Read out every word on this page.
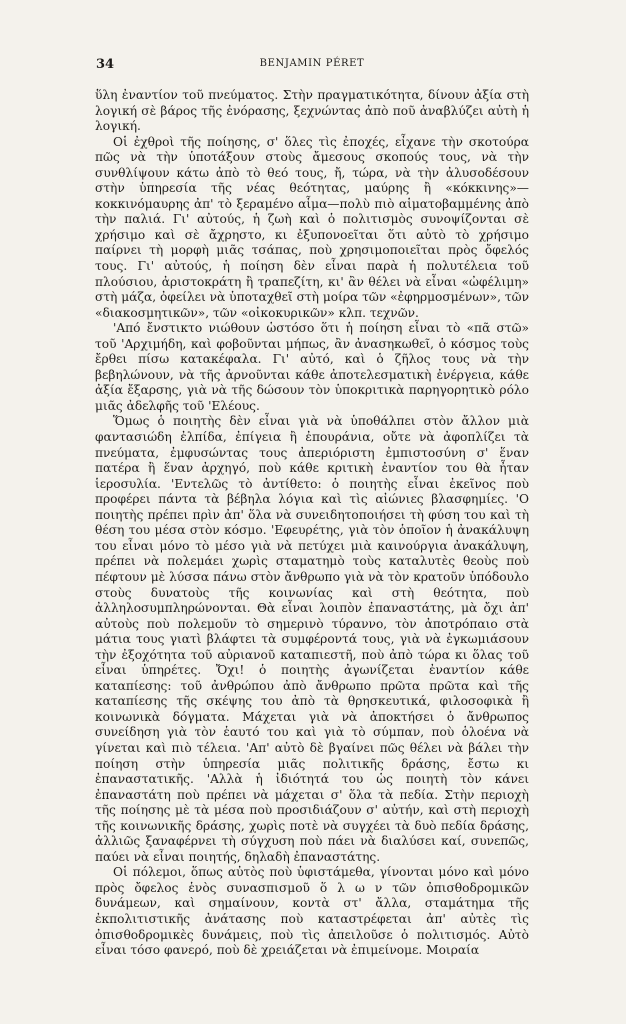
34	BENJAMIN PÉRET

ὕλη ἐναντίον τοῦ πνεύματος. Στὴν πραγματικότητα, δίνουν ἀξία στὴ λογική σὲ βάρος τῆς ἐνόρασης, ξεχνώντας ἀπὸ ποῦ ἀναβλύζει αὐτὴ ἡ λογική.

Οἱ ἐχθροὶ τῆς ποίησης, σ' ὅλες τὶς ἐποχές, εἶχανε τὴν σκοτούρα πῶς νὰ τὴν ὑποτάξουν στοὺς ἄμεσους σκοπούς τους, νὰ τὴν συνθλίψουν κάτω ἀπὸ τὸ θεό τους, ἤ, τώρα, νὰ τὴν ἀλυσοδέσουν στὴν ὑπηρεσία τῆς νέας θεότητας, μαύρης ἢ «κόκκινης»—κοκκινόμαυρης ἀπ' τὸ ξεραμένο αἷμα—πολὺ πιὸ αἱματοβαμμένης ἀπὸ τὴν παλιά. Γι' αὐτούς, ἡ ζωὴ καὶ ὁ πολιτισμὸς συνοψίζονται σὲ χρήσιμο καὶ σὲ ἄχρηστο, κι ἐξυπονοεῖται ὅτι αὐτὸ τὸ χρήσιμο παίρνει τὴ μορφὴ μιᾶς τσάπας, ποὺ χρησιμοποιεῖται πρὸς ὄφελός τους. Γι' αὐτούς, ἡ ποίηση δὲν εἶναι παρὰ ἡ πολυτέλεια τοῦ πλούσιου, ἀριστοκράτη ἢ τραπεζίτη, κι' ἂν θέλει νὰ εἶναι «ὠφέλιμη» στὴ μάζα, ὀφείλει νὰ ὑποταχθεῖ στὴ μοίρα τῶν «ἐφηρμοσμένων», τῶν «διακοσμητικῶν», τῶν «οἰκοκυρικῶν» κλπ. τεχνῶν.

'Από ἔνστικτο νιώθουν ὡστόσο ὅτι ἡ ποίηση εἶναι τὸ «πᾶ στῶ» τοῦ 'Αρχιμήδη, καὶ φοβοῦνται μήπως, ἂν ἀνασηκωθεῖ, ὁ κόσμος τοὺς ἔρθει πίσω κατακέφαλα. Γι' αὐτό, καὶ ὁ ζῆλος τους νὰ τὴν βεβηλώνουν, νὰ τῆς ἀρνοῦνται κάθε ἀποτελεσματικὴ ἐνέργεια, κάθε ἀξία ἔξαρσης, γιὰ νὰ τῆς δώσουν τὸν ὑποκριτικὰ παρηγορητικὸ ρόλο μιᾶς ἀδελφῆς τοῦ 'Ελέους.

Ὅμως ὁ ποιητὴς δὲν εἶναι γιὰ νὰ ὑποθάλπει στὸν ἄλλον μιὰ φαντασιώδη ἐλπίδα, ἐπίγεια ἢ ἐπουράνια, οὔτε νὰ ἀφοπλίζει τὰ πνεύματα, ἐμφυσώντας τους ἀπεριόριστη ἐμπιστοσύνη σ' ἕναν πατέρα ἢ ἕναν ἀρχηγό, ποὺ κάθε κριτικὴ ἐναντίον του θὰ ἦταν ἱεροσυλία. 'Εντελῶς τὸ ἀντίθετο: ὁ ποιητὴς εἶναι ἐκεῖνος ποὺ προφέρει πάντα τὰ βέβηλα λόγια καὶ τὶς αἰώνιες βλασφημίες. 'Ο ποιητὴς πρέπει πρὶν ἀπ' ὅλα νὰ συνειδητοποιήσει τὴ φύση του καὶ τὴ θέση του μέσα στὸν κόσμο. 'Εφευρέτης, γιὰ τὸν ὁποῖον ἡ ἀνακάλυψη του εἶναι μόνο τὸ μέσο γιὰ νὰ πετύχει μιὰ καινούργια ἀνακάλυψη, πρέπει νὰ πολεμάει χωρὶς σταματημὸ τοὺς καταλυτὲς θεοὺς ποὺ πέφτουν μὲ λύσσα πάνω στὸν ἄνθρωπο γιὰ νὰ τὸν κρατοῦν ὑπόδουλο στοὺς δυνατοὺς τῆς κοινωνίας καὶ στὴ θεότητα, ποὺ ἀλληλοσυμπληρώνονται. Θὰ εἶναι λοιπὸν ἐπαναστάτης, μὰ ὄχι ἀπ' αὐτοὺς ποὺ πολεμοῦν τὸ σημερινὸ τύραννο, τὸν ἀποτρόπαιο στὰ μάτια τους γιατὶ βλάφτει τὰ συμφέροντά τους, γιὰ νὰ ἐγκωμιάσουν τὴν ἐξοχότητα τοῦ αὐριανοῦ καταπιεστῆ, ποὺ ἀπὸ τώρα κι ὅλας τοῦ εἶναι ὑπηρέτες. Ὄχι! ὁ ποιητὴς ἀγωνίζεται ἐναντίον κάθε καταπίεσης: τοῦ ἀνθρώπου ἀπὸ ἄνθρωπο πρῶτα πρῶτα καὶ τῆς καταπίεσης τῆς σκέψης του ἀπὸ τὰ θρησκευτικά, φιλοσοφικὰ ἢ κοινωνικὰ δόγματα. Μάχεται γιὰ νὰ ἀποκτήσει ὁ ἄνθρωπος συνείδηση γιὰ τὸν ἑαυτό του καὶ γιὰ τὸ σύμπαν, ποὺ ὁλοένα νὰ γίνεται καὶ πιὸ τέλεια. 'Απ' αὐτὸ δὲ βγαίνει πῶς θέλει νὰ βάλει τὴν ποίηση στὴν ὑπηρεσία μιᾶς πολιτικῆς δράσης, ἔστω κι ἐπαναστατικῆς. 'Αλλὰ ἡ ἰδιότητά του ὡς ποιητὴ τὸν κάνει ἐπαναστάτη ποὺ πρέπει νὰ μάχεται σ' ὅλα τὰ πεδία. Στὴν περιοχὴ τῆς ποίησης μὲ τὰ μέσα ποὺ προσιδιάζουν σ' αὐτήν, καὶ στὴ περιοχὴ τῆς κοινωνικῆς δράσης, χωρὶς ποτὲ νὰ συγχέει τὰ δυὸ πεδία δράσης, ἀλλιῶς ξαναφέρνει τὴ σύγχυση ποὺ πάει νὰ διαλύσει καί, συνεπῶς, παύει νὰ εἶναι ποιητής, δηλαδὴ ἐπαναστάτης.

Οἱ πόλεμοι, ὅπως αὐτὸς ποὺ ὑφιστάμεθα, γίνονται μόνο καὶ μόνο πρὸς ὄφελος ἑνὸς συνασπισμοῦ ὅ λ ω ν τῶν ὀπισθοδρομικῶν δυνάμεων, καὶ σημαίνουν, κοντὰ στ' ἄλλα, σταμάτημα τῆς ἐκπολιτιστικῆς ἀνάτασης ποὺ καταστρέφεται ἀπ' αὐτὲς τὶς ὀπισθοδρομικὲς δυνάμεις, ποὺ τὶς ἀπειλοῦσε ὁ πολιτισμός. Αὐτὸ εἶναι τόσο φανερό, ποὺ δὲ χρειάζεται νὰ ἐπιμείνομε. Μοιραία
